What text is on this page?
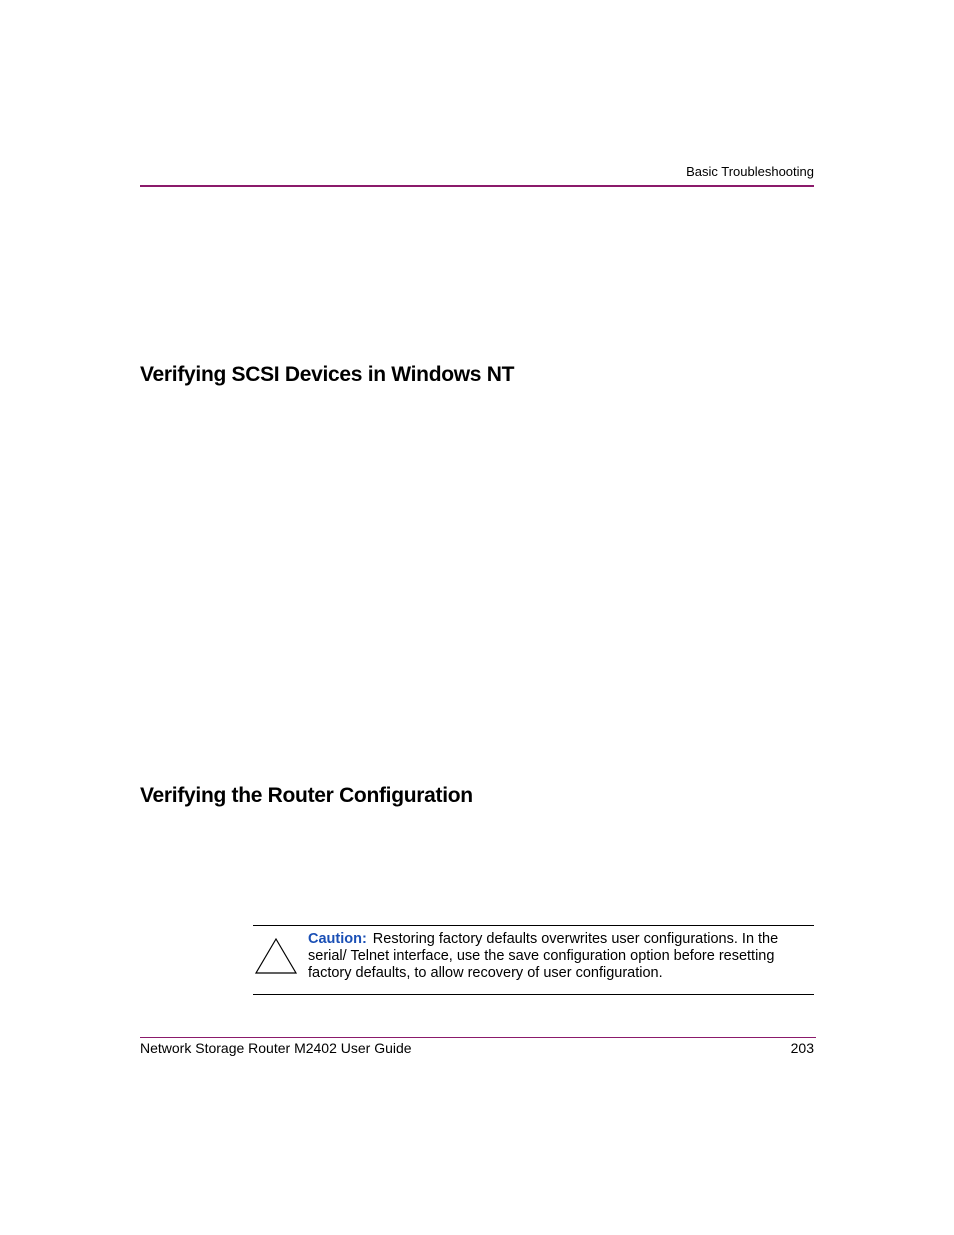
Basic Troubleshooting
Verifying SCSI Devices in Windows NT
Verifying the Router Configuration
Caution: Restoring factory defaults overwrites user configurations. In the serial/ Telnet interface, use the save configuration option before resetting factory defaults, to allow recovery of user configuration.
Network Storage Router M2402 User Guide	203
